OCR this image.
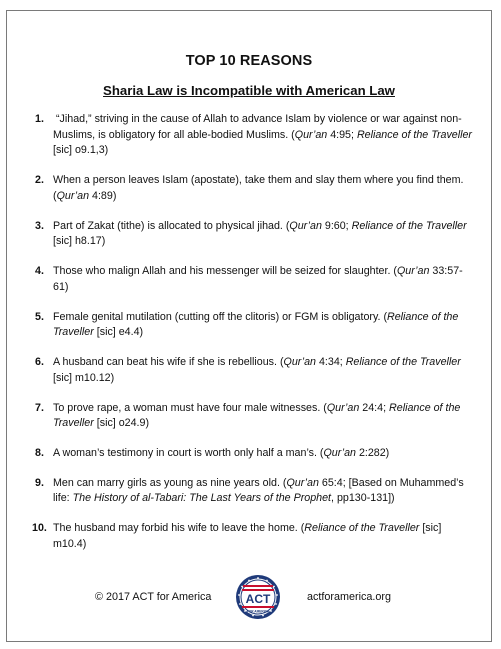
TOP 10 REASONS
Sharia Law is Incompatible with American Law
1. “Jihad,” striving in the cause of Allah to advance Islam by violence or war against non-Muslims, is obligatory for all able-bodied Muslims. (Qur’an 4:95; Reliance of the Traveller [sic] o9.1,3)
2. When a person leaves Islam (apostate), take them and slay them where you find them. (Qur’an 4:89)
3. Part of Zakat (tithe) is allocated to physical jihad. (Qur’an 9:60; Reliance of the Traveller [sic] h8.17)
4. Those who malign Allah and his messenger will be seized for slaughter. (Qur’an 33:57-61)
5. Female genital mutilation (cutting off the clitoris) or FGM is obligatory. (Reliance of the Traveller [sic] e4.4)
6. A husband can beat his wife if she is rebellious. (Qur’an 4:34; Reliance of the Traveller [sic] m10.12)
7. To prove rape, a woman must have four male witnesses. (Qur’an 24:4; Reliance of the Traveller [sic] o24.9)
8. A woman’s testimony in court is worth only half a man’s. (Qur’an 2:282)
9. Men can marry girls as young as nine years old. (Qur’an 65:4; [Based on Muhammed’s life: The History of al-Tabari: The Last Years of the Prophet, pp130-131])
10. The husband may forbid his wife to leave the home. (Reliance of the Traveller [sic] m10.4)
© 2017 ACT for America	ACT
FOR AMERICA
actforamerica.org
